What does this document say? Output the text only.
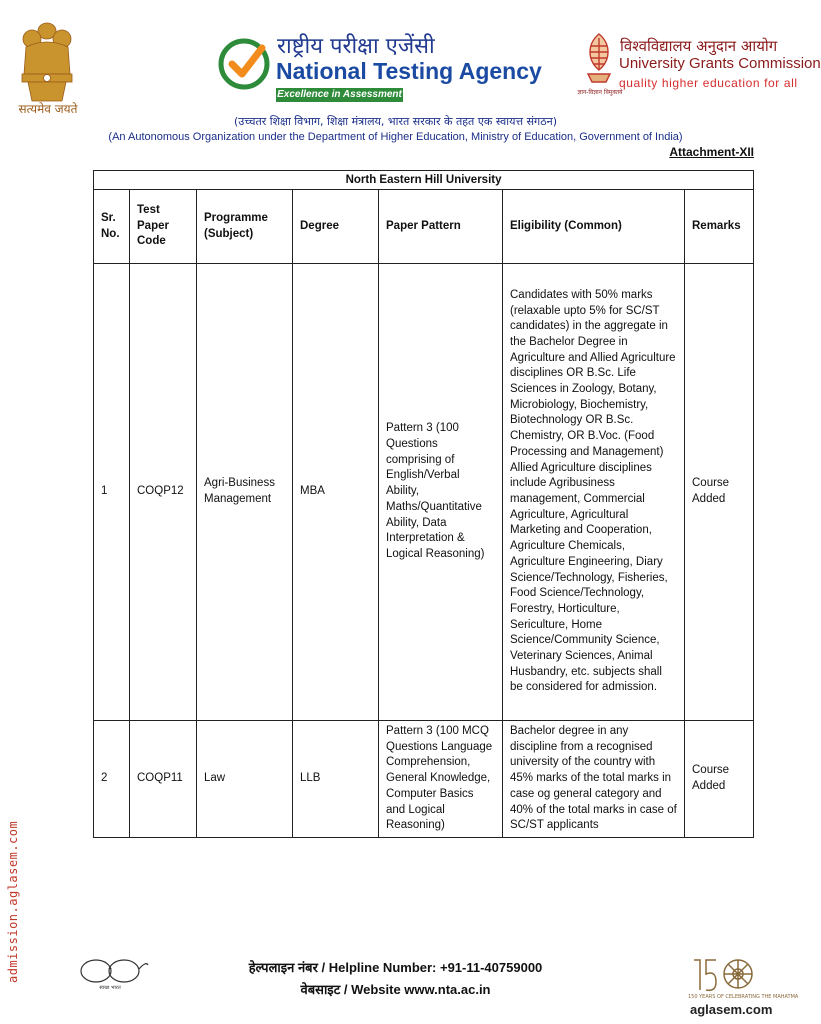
सत्यमेव जयते
राष्ट्रीय परीक्षा एजेंसी
National Testing Agency
Excellence in Assessment	ज्ञान-विज्ञान विमुक्तये
विश्वविद्यालय अनुदान आयोग
University Grants Commission
quality higher education for all
(उच्चतर शिक्षा विभाग, शिक्षा मंत्रालय, भारत सरकार के तहत एक स्वायत्त संगठन)
(An Autonomous Organization under the Department of Higher Education, Ministry of Education, Government of India)
Attachment-XII
North Eastern Hill University						
Sr. No.	Test Paper Code	Programme (Subject)	Degree	Paper Pattern	Eligibility (Common)	Remarks
1	COQP12	Agri-Business Management	MBA	Pattern 3 (100 Questions comprising of English/Verbal Ability, Maths/Quantitative Ability, Data Interpretation & Logical Reasoning)	Candidates with 50% marks (relaxable upto 5% for SC/ST candidates) in the aggregate in the Bachelor Degree in Agriculture and Allied Agriculture disciplines OR B.Sc. Life Sciences in Zoology, Botany, Microbiology, Biochemistry, Biotechnology OR B.Sc. Chemistry, OR B.Voc. (Food Processing and Management) Allied Agriculture disciplines include Agribusiness management, Commercial Agriculture, Agricultural Marketing and Cooperation, Agriculture Chemicals, Agriculture Engineering, Diary Science/Technology, Fisheries, Food Science/Technology, Forestry, Horticulture, Sericulture, Home Science/Community Science, Veterinary Sciences, Animal Husbandry, etc. subjects shall be considered for admission.	Course Added
2	COQP11	Law	LLB	Pattern 3 (100 MCQ Questions Language Comprehension, General Knowledge, Computer Basics and Logical Reasoning)	Bachelor degree in any discipline from a recognised university of the country with 45% marks of the total marks in case og general category and 40% of the total marks in case of SC/ST applicants	Course Added
स्वच्छ भारत
हेल्पलाइन नंबर / Helpline Number: +91-11-40759000
वेबसाइट / Website www.nta.ac.in	150 YEARS OF CELEBRATING THE MAHATMA
aglasem.com
admission.aglasem.com
